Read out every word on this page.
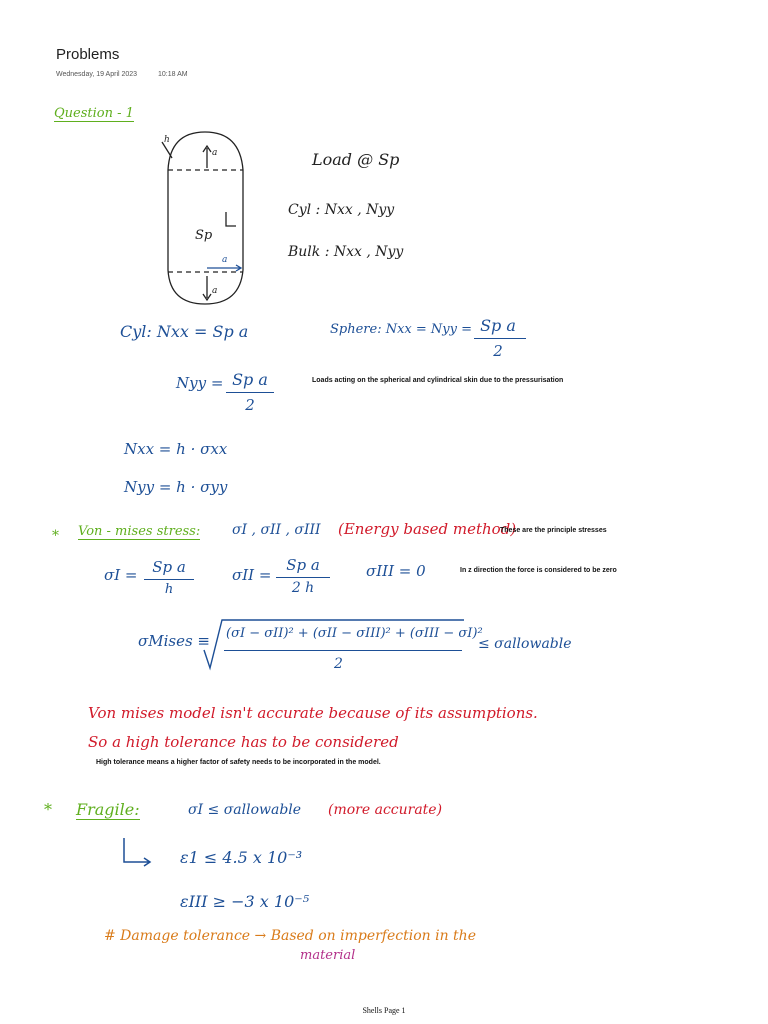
Problems
Wednesday, 19 April 2023	10:18 AM
Question - 1
h
a
Sp
a
a
Load @ Sp
Cyl : Nxx , Nyy
Bulk : Nxx , Nyy
Cyl: Nxx = Sp a	Sphere: Nxx = Nyy = Sp a
2
Nyy = Sp a
2
Loads acting on the spherical and cylindrical skin due to the pressurisation
Nxx = h · σxx
Nyy = h · σyy
* Von - mises stress: σI , σII , σIII (Energy based method)
These are the principle stresses
σI = Sp a
h
σII =
Sp a
2 h
σIII = 0	In z direction the force is considered to be zero
σMises ≡ (σI − σII)² + (σII − σIII)² + (σIII − σI)²
2
≤ σallowable
Von mises model isn't accurate because of its assumptions.
So a high tolerance has to be considered
High tolerance means a higher factor of safety needs to be incorporated in the model.
* Fragile:	σI ≤ σallowable (more accurate)
ε1 ≤ 4.5 x 10⁻³
εIII ≥ −3 x 10⁻⁵
# Damage tolerance → Based on imperfection in the
material
Shells Page 1
